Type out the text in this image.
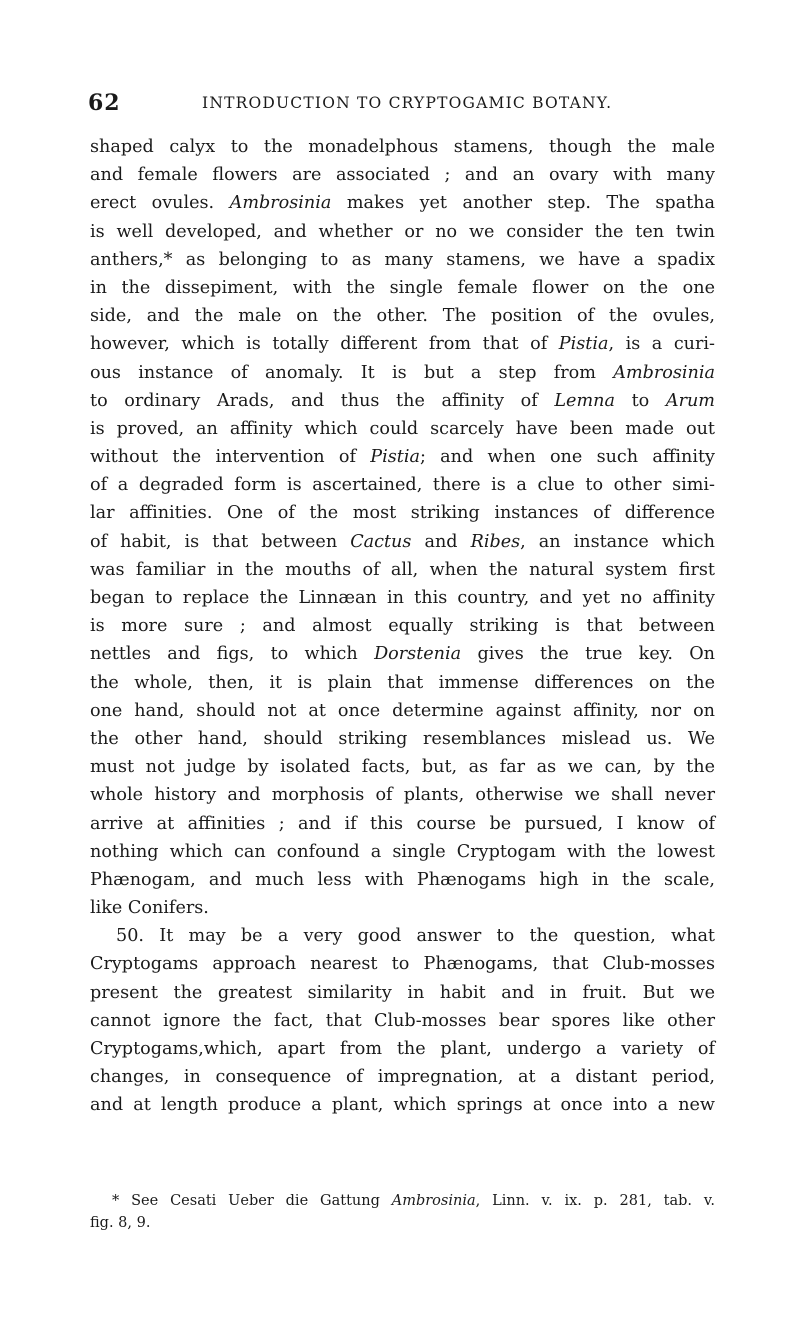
62	INTRODUCTION TO CRYPTOGAMIC BOTANY.
shaped calyx to the monadelphous stamens, though the male
and female flowers are associated ; and an ovary with many
erect ovules. Ambrosinia makes yet another step. The spatha
is well developed, and whether or no we consider the ten twin
anthers,* as belonging to as many stamens, we have a spadix
in the dissepiment, with the single female flower on the one
side, and the male on the other. The position of the ovules,
however, which is totally different from that of Pistia, is a curi-
ous instance of anomaly. It is but a step from Ambrosinia
to ordinary Arads, and thus the affinity of Lemna to Arum
is proved, an affinity which could scarcely have been made out
without the intervention of Pistia; and when one such affinity
of a degraded form is ascertained, there is a clue to other simi-
lar affinities. One of the most striking instances of difference
of habit, is that between Cactus and Ribes, an instance which
was familiar in the mouths of all, when the natural system first
began to replace the Linnæan in this country, and yet no affinity
is more sure ; and almost equally striking is that between
nettles and figs, to which Dorstenia gives the true key. On
the whole, then, it is plain that immense differences on the
one hand, should not at once determine against affinity, nor on
the other hand, should striking resemblances mislead us. We
must not judge by isolated facts, but, as far as we can, by the
whole history and morphosis of plants, otherwise we shall never
arrive at affinities ; and if this course be pursued, I know of
nothing which can confound a single Cryptogam with the lowest
Phænogam, and much less with Phænogams high in the scale,
like Conifers.
50. It may be a very good answer to the question, what
Cryptogams approach nearest to Phænogams, that Club-mosses
present the greatest similarity in habit and in fruit. But we
cannot ignore the fact, that Club-mosses bear spores like other
Cryptogams,which, apart from the plant, undergo a variety of
changes, in consequence of impregnation, at a distant period,
and at length produce a plant, which springs at once into a new
* See Cesati Ueber die Gattung Ambrosinia, Linn. v. ix. p. 281, tab. v.
fig. 8, 9.
